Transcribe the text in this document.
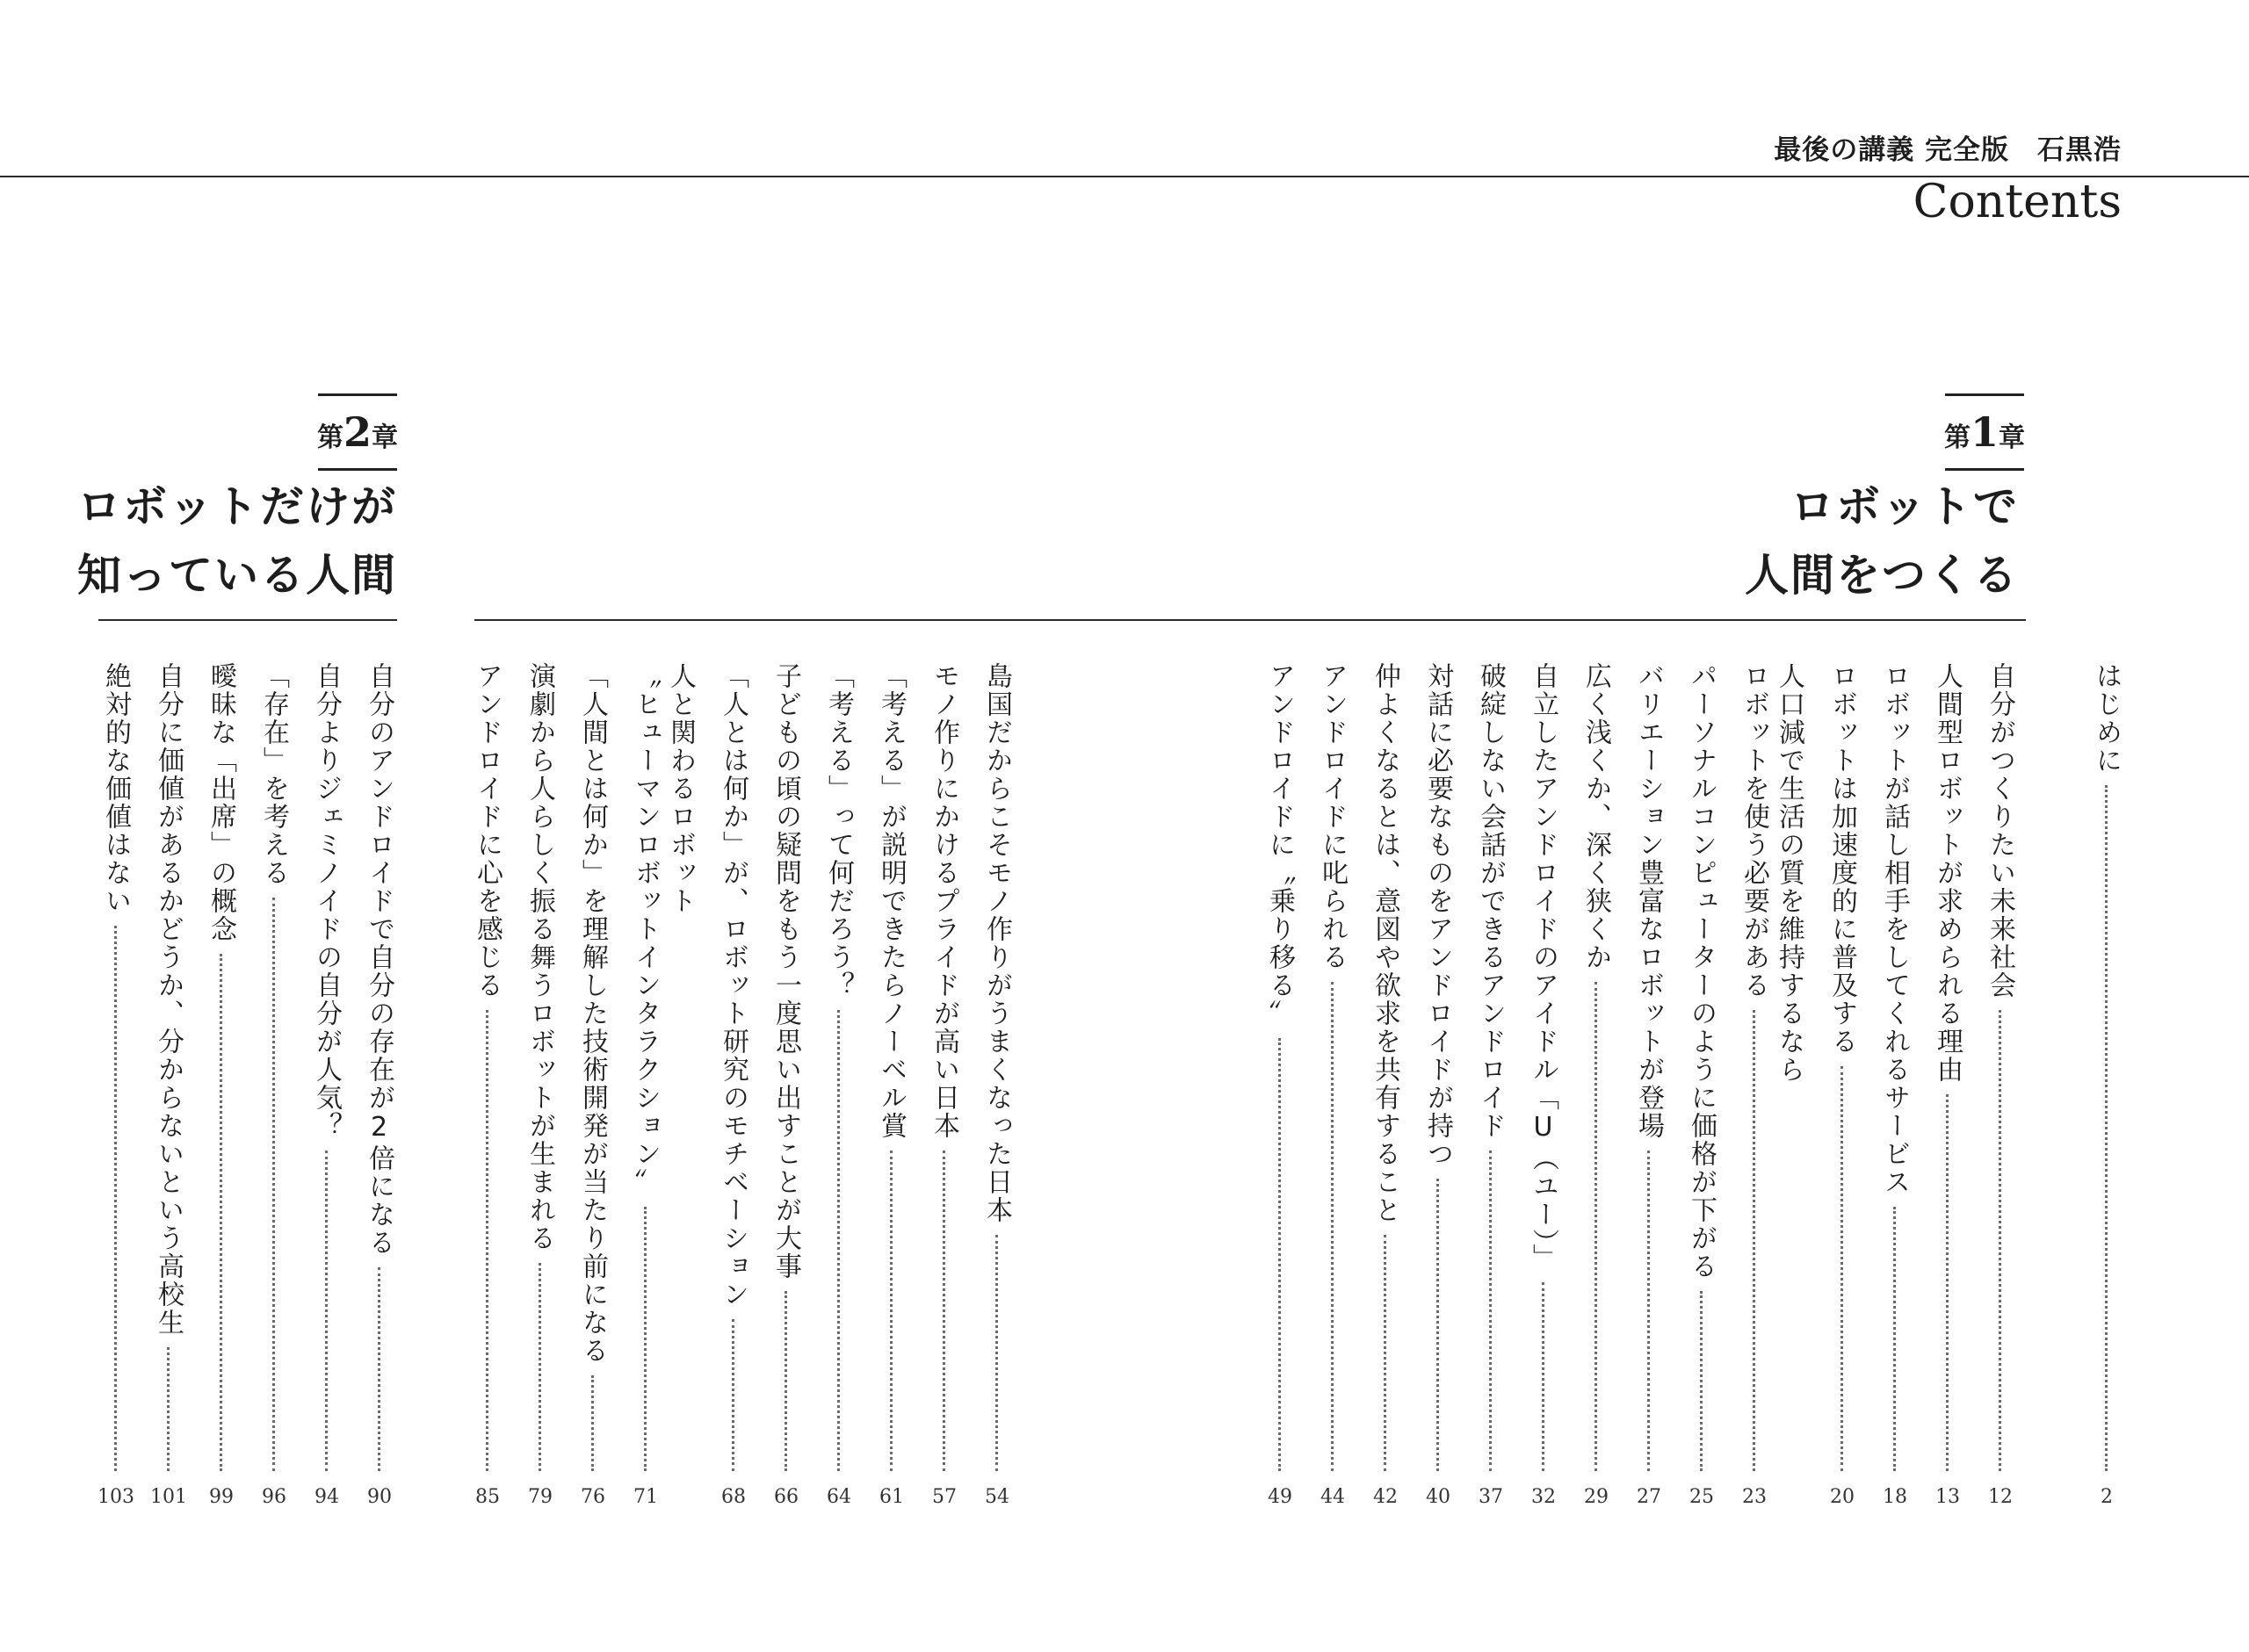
最後の講義 完全版　石黒浩
Contents
第1章
ロボットで
人間をつくる
第2章
ロボットだけが
知っている人間
はじめに
2
自分がつくりたい未来社会
12
人間型ロボットが求められる理由
13
ロボットが話し相手をしてくれるサービス
18
ロボットは加速度的に普及する
20
人口減で生活の質を維持するなら
ロボットを使う必要がある
23
パーソナルコンピューターのように価格が下がる
25
バリエーション豊富なロボットが登場
27
広く浅くか、深く狭くか
29
自立したアンドロイドのアイドル「U（ユー）」
32
破綻しない会話ができるアンドロイド
37
対話に必要なものをアンドロイドが持つ
40
仲よくなるとは、意図や欲求を共有すること
42
アンドロイドに叱られる
44
アンドロイドに〝乗り移る〟
49
島国だからこそモノ作りがうまくなった日本
54
モノ作りにかけるプライドが高い日本
57
「考える」が説明できたらノーベル賞
61
「考える」って何だろう？
64
子どもの頃の疑問をもう一度思い出すことが大事
66
「人とは何か」が、ロボット研究のモチベーション
68
人と関わるロボット
〝ヒューマンロボットインタラクション〟
71
「人間とは何か」を理解した技術開発が当たり前になる
76
演劇から人らしく振る舞うロボットが生まれる
79
アンドロイドに心を感じる
85
自分のアンドロイドで自分の存在が2倍になる
90
自分よりジェミノイドの自分が人気？
94
「存在」を考える
96
曖昧な「出席」の概念
99
自分に価値があるかどうか、分からないという高校生
101
絶対的な価値はない
103
